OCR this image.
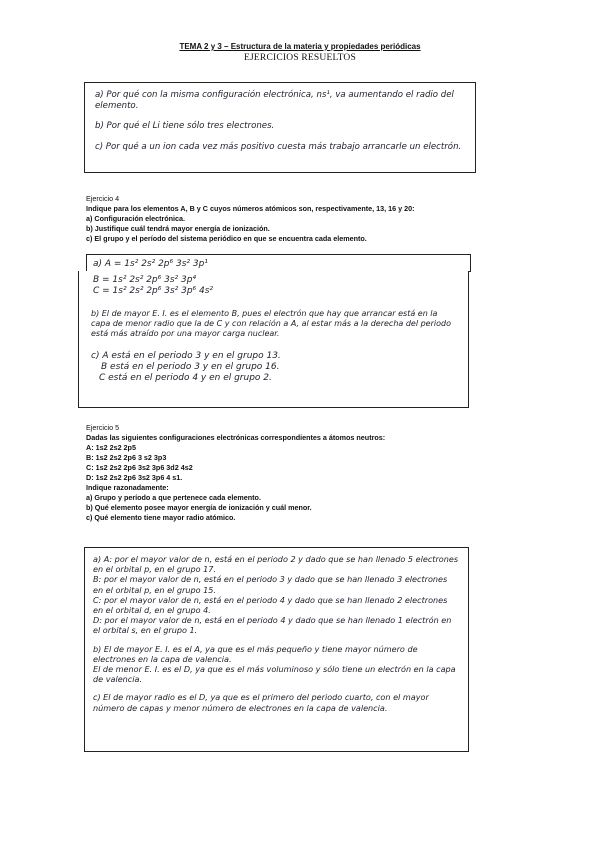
TEMA 2 y 3 – Estructura de la materia y propiedades periódicas
EJERCICIOS RESUELTOS

a) Por qué con la misma configuración electrónica, ns¹, va aumentando el radio del elemento.

b) Por qué el Li tiene sólo tres electrones.

c) Por qué a un ion cada vez más positivo cuesta más trabajo arrancarle un electrón.

Ejercicio 4

Indique para los elementos A, B y C cuyos números atómicos son, respectivamente, 13, 16 y 20:

a) Configuración electrónica.

b) Justifique cuál tendrá mayor energía de ionización.

c) El grupo y el período del sistema periódico en que se encuentra cada elemento.

a) A = 1s² 2s² 2p⁶ 3s² 3p¹

B = 1s² 2s² 2p⁶ 3s² 3p⁴

C = 1s² 2s² 2p⁶ 3s² 3p⁶ 4s²

b) El de mayor E. I. es el elemento B, pues el electrón que hay que arrancar está en la capa de menor radio que la de C y con relación a A, al estar más a la derecha del periodo está más atraído por una mayor carga nuclear.

c) A está en el periodo 3 y en el grupo 13.

B está en el periodo 3 y en el grupo 16.

C está en el periodo 4 y en el grupo 2.

Ejercicio 5

Dadas las siguientes configuraciones electrónicas correspondientes a átomos neutros:

A: 1s2 2s2 2p5

B: 1s2 2s2 2p6 3 s2 3p3

C: 1s2 2s2 2p6 3s2 3p6 3d2 4s2

D: 1s2 2s2 2p6 3s2 3p6 4 s1.

Indique razonadamente:

a) Grupo y período a que pertenece cada elemento.

b) Qué elemento posee mayor energía de ionización y cuál menor.

c) Qué elemento tiene mayor radio atómico.

a) A: por el mayor valor de n, está en el periodo 2 y dado que se han llenado 5 electrones en el orbital p, en el grupo 17.

B: por el mayor valor de n, está en el periodo 3 y dado que se han llenado 3 electrones en el orbital p, en el grupo 15.

C: por el mayor valor de n, está en el periodo 4 y dado que se han llenado 2 electrones en el orbital d, en el grupo 4.

D: por el mayor valor de n, está en el periodo 4 y dado que se han llenado 1 electrón en el orbital s, en el grupo 1.

b) El de mayor E. I. es el A, ya que es el más pequeño y tiene mayor número de electrones en la capa de valencia.

El de menor E. I. es el D, ya que es el más voluminoso y sólo tiene un electrón en la capa de valencia.

c) El de mayor radio es el D, ya que es el primero del periodo cuarto, con el mayor número de capas y menor número de electrones en la capa de valencia.
